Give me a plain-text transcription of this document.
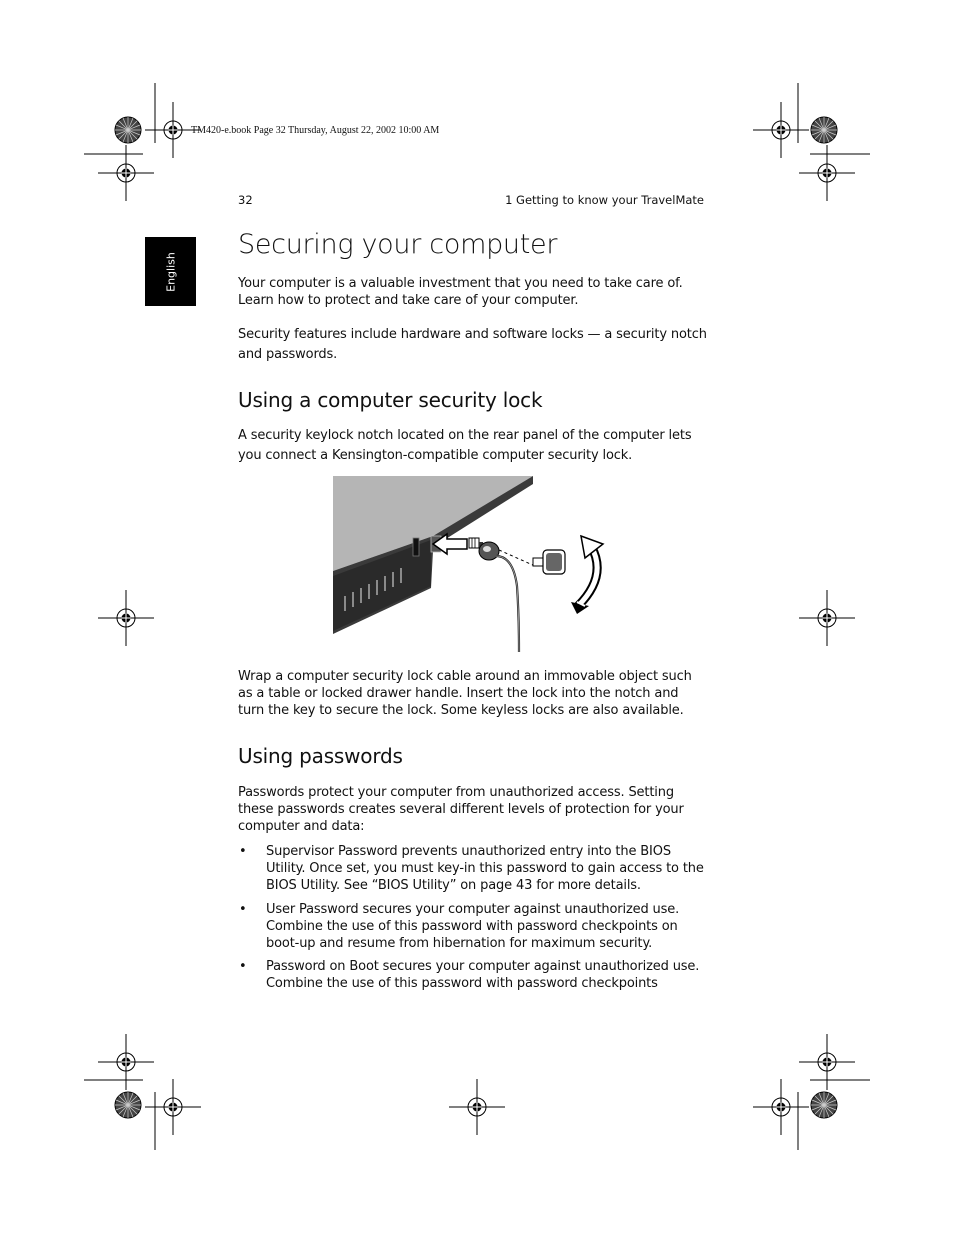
TM420-e.book Page 32 Thursday, August 22, 2002 10:00 AM
32	1 Getting to know your TravelMate
English
Securing your computer

Your computer is a valuable investment that you need to take care of. Learn how to protect and take care of your computer.

Security features include hardware and software locks — a security notch and passwords.

Using a computer security lock

A security keylock notch located on the rear panel of the computer lets you connect a Kensington-compatible computer security lock.

Wrap a computer security lock cable around an immovable object such as a table or locked drawer handle. Insert the lock into the notch and turn the key to secure the lock. Some keyless locks are also available.

Using passwords

Passwords protect your computer from unauthorized access. Setting these passwords creates several different levels of protection for your computer and data:

• Supervisor Password prevents unauthorized entry into the BIOS Utility. Once set, you must key-in this password to gain access to the BIOS Utility. See “BIOS Utility” on page 43 for more details.
• User Password secures your computer against unauthorized use. Combine the use of this password with password checkpoints on boot-up and resume from hibernation for maximum security.
• Password on Boot secures your computer against unauthorized use. Combine the use of this password with password checkpoints
